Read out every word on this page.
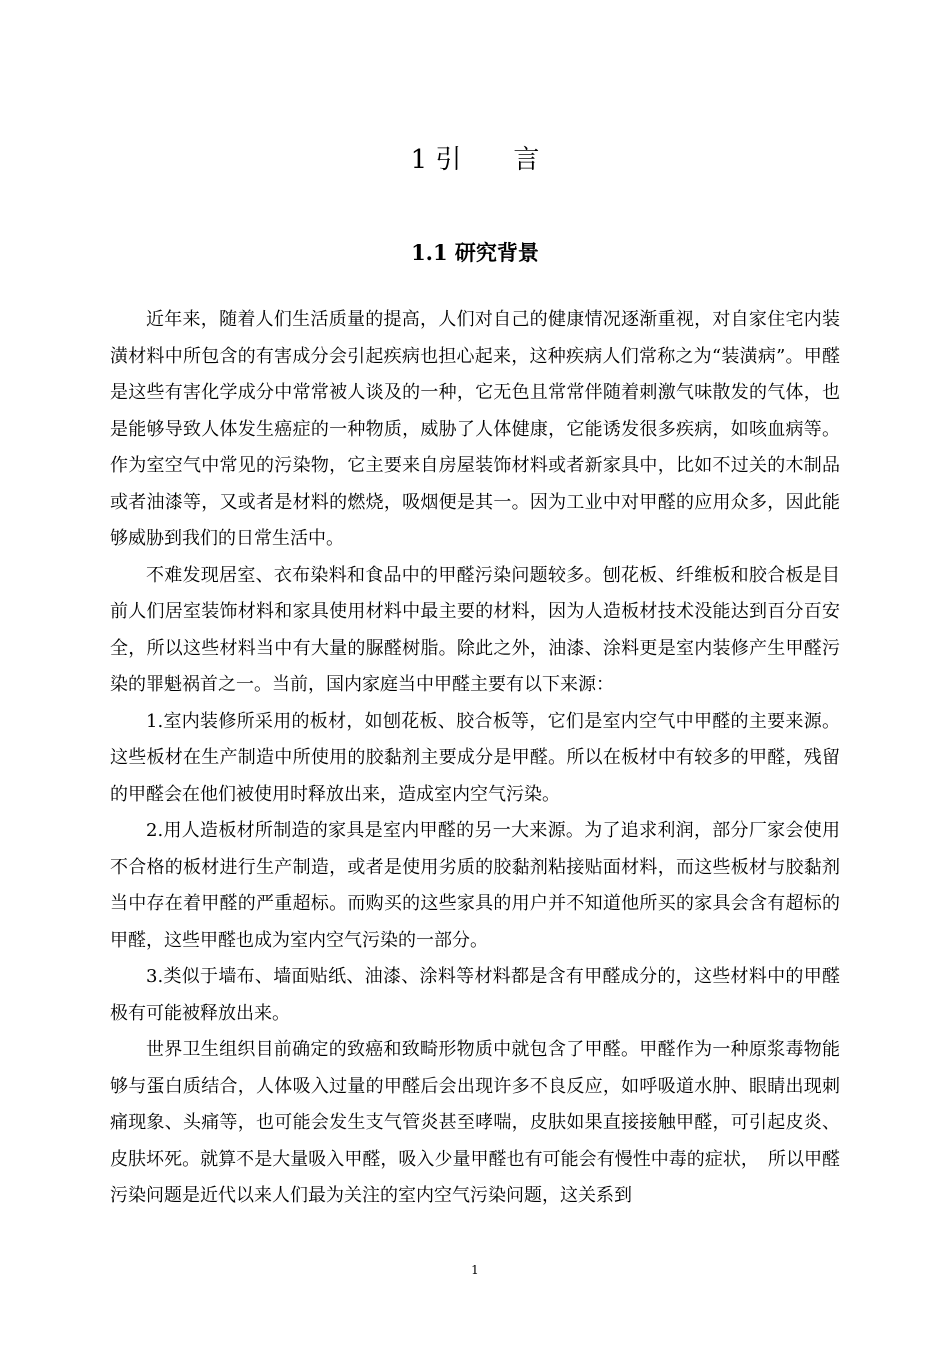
1 引　　言
1.1 研究背景

近年来，随着人们生活质量的提高，人们对自己的健康情况逐渐重视，对自家住宅内装潢材料中所包含的有害成分会引起疾病也担心起来，这种疾病人们常称之为“装潢病”。甲醛是这些有害化学成分中常常被人谈及的一种，它无色且常常伴随着刺激气味散发的气体，也是能够导致人体发生癌症的一种物质，威胁了人体健康，它能诱发很多疾病，如咳血病等。作为室空气中常见的污染物，它主要来自房屋装饰材料或者新家具中，比如不过关的木制品或者油漆等，又或者是材料的燃烧，吸烟便是其一。因为工业中对甲醛的应用众多，因此能够威胁到我们的日常生活中。

不难发现居室、衣布染料和食品中的甲醛污染问题较多。刨花板、纤维板和胶合板是目前人们居室装饰材料和家具使用材料中最主要的材料，因为人造板材技术没能达到百分百安全，所以这些材料当中有大量的脲醛树脂。除此之外，油漆、涂料更是室内装修产生甲醛污染的罪魁祸首之一。当前，国内家庭当中甲醛主要有以下来源：

1.室内装修所采用的板材，如刨花板、胶合板等，它们是室内空气中甲醛的主要来源。这些板材在生产制造中所使用的胶黏剂主要成分是甲醛。所以在板材中有较多的甲醛，残留的甲醛会在他们被使用时释放出来，造成室内空气污染。

2.用人造板材所制造的家具是室内甲醛的另一大来源。为了追求利润，部分厂家会使用不合格的板材进行生产制造，或者是使用劣质的胶黏剂粘接贴面材料，而这些板材与胶黏剂当中存在着甲醛的严重超标。而购买的这些家具的用户并不知道他所买的家具会含有超标的甲醛，这些甲醛也成为室内空气污染的一部分。

3.类似于墙布、墙面贴纸、油漆、涂料等材料都是含有甲醛成分的，这些材料中的甲醛极有可能被释放出来。

世界卫生组织目前确定的致癌和致畸形物质中就包含了甲醛。甲醛作为一种原浆毒物能够与蛋白质结合，人体吸入过量的甲醛后会出现许多不良反应，如呼吸道水肿、眼睛出现刺痛现象、头痛等，也可能会发生支气管炎甚至哮喘，皮肤如果直接接触甲醛，可引起皮炎、皮肤坏死。就算不是大量吸入甲醛，吸入少量甲醛也有可能会有慢性中毒的症状，　所以甲醛污染问题是近代以来人们最为关注的室内空气污染问题，这关系到

1
